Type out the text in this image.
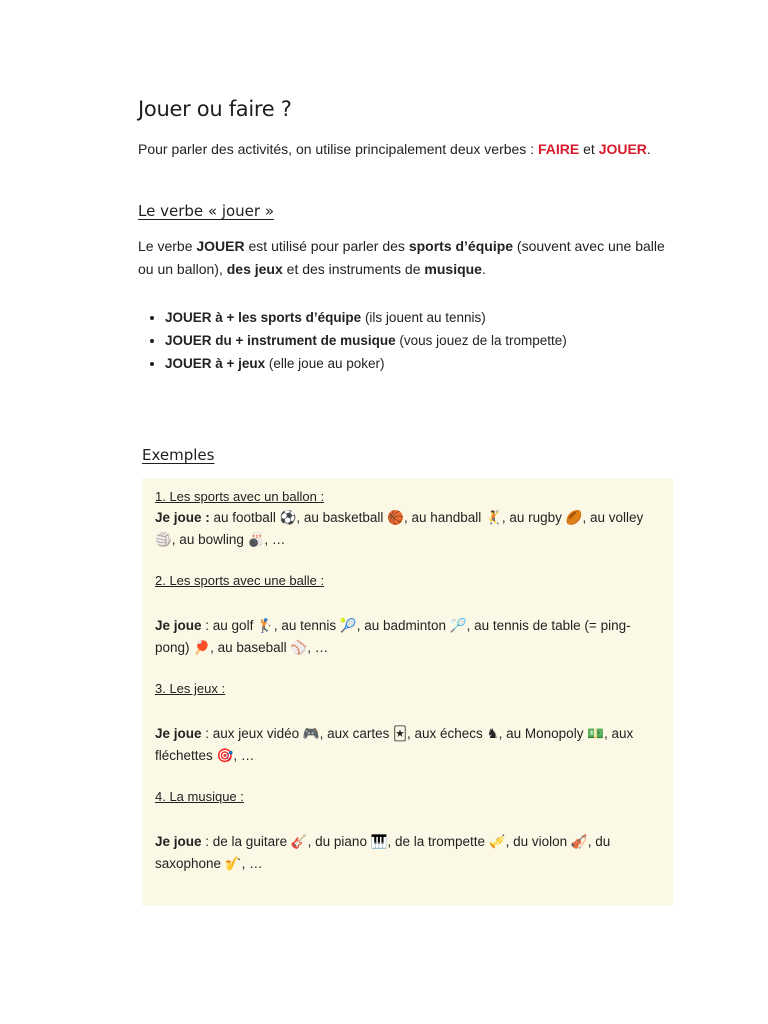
Jouer ou faire ?

Pour parler des activités, on utilise principalement deux verbes : FAIRE et JOUER.

Le verbe « jouer »

Le verbe JOUER est utilisé pour parler des sports d’équipe (souvent avec une balle ou un ballon), des jeux et des instruments de musique.

• JOUER à + les sports d’équipe (ils jouent au tennis)
• JOUER du + instrument de musique (vous jouez de la trompette)
• JOUER à + jeux (elle joue au poker)
Exemples

1. Les sports avec un ballon :

Je joue : au football ⚽, au basketball 🏀, au handball 🤾, au rugby 🏉, au volley 🏐, au bowling 🎳, …

2. Les sports avec une balle :

Je joue : au golf 🏌, au tennis 🎾, au badminton 🏸, au tennis de table (= ping-pong) 🏓, au baseball ⚾, …

3. Les jeux :

Je joue : aux jeux vidéo 🎮, aux cartes 🃏, aux échecs ♞, au Monopoly 💵, aux fléchettes 🎯, …

4. La musique :

Je joue : de la guitare 🎸, du piano 🎹, de la trompette 🎺, du violon 🎻, du saxophone 🎷, …
